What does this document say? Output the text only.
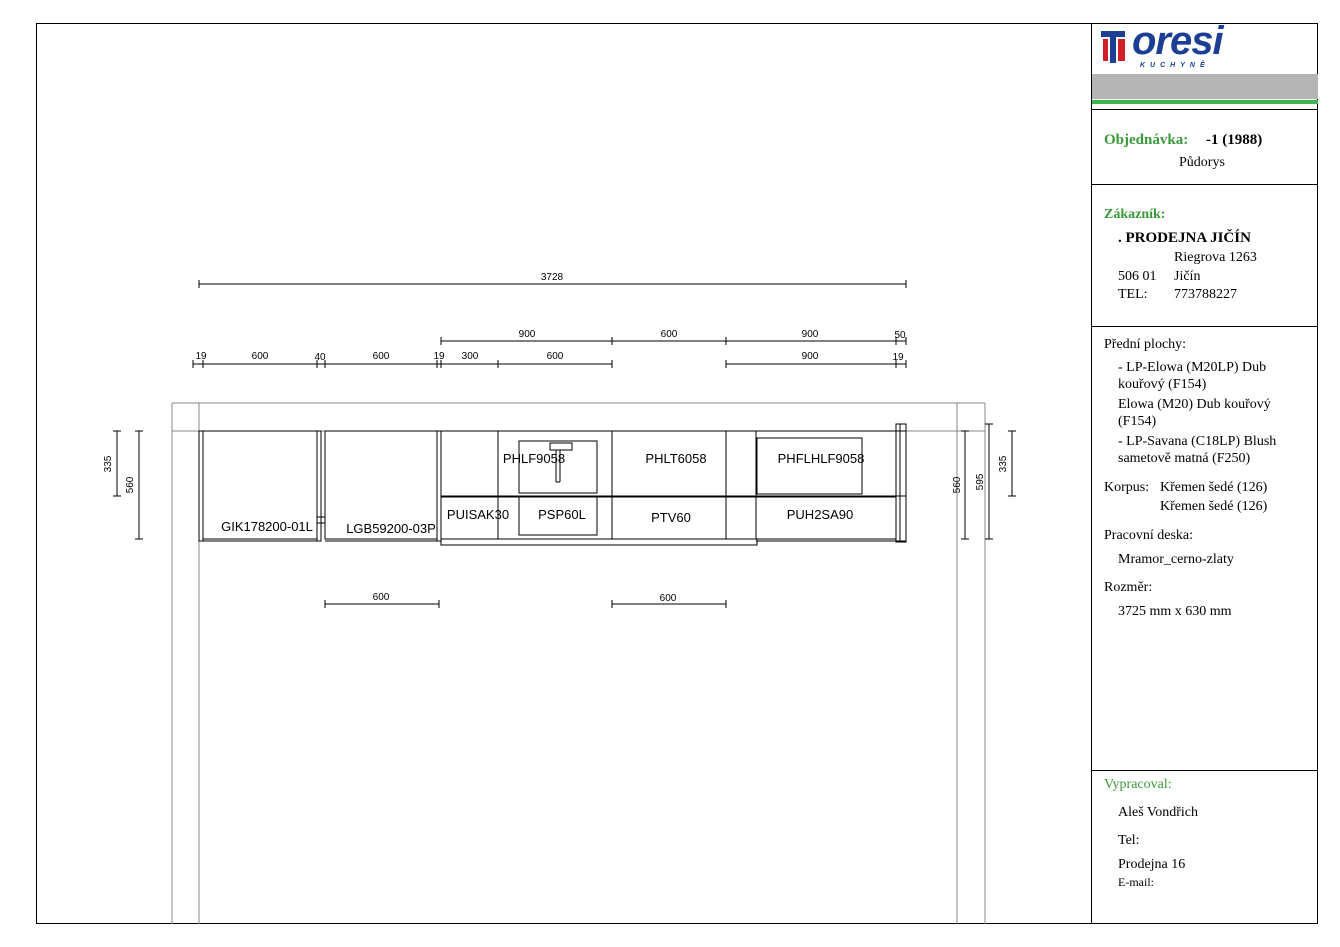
3728
900	600	900	50
19	600	40	600	19 300	600	900	19
335
560	560 595
335
600	600
GIK178200-01L	LGB59200-03P
PHLF9058	PHLT6058	PHFLHLF9058
PUISAK30 PSP60L	PTV60	PUH2SA90
oresi
KUCHYNĚ
Objednávka: -1 (1988)
Půdorys
Zákazník:
. PRODEJNA JIČÍN
Riegrova 1263
506 01 Jičín
TEL: 773788227
Přední plochy:
- LP-Elowa (M20LP) Dub
kouřový (F154)
Elowa (M20) Dub kouřový
(F154)
- LP-Savana (C18LP) Blush
sametově matná (F250)
Korpus: Křemen šedé (126)
Křemen šedé (126)
Pracovní deska:
Mramor_cerno-zlaty
Rozměr:
3725 mm x 630 mm
Vypracoval:
Aleš Vondřich
Tel:
Prodejna 16
E-mail:
